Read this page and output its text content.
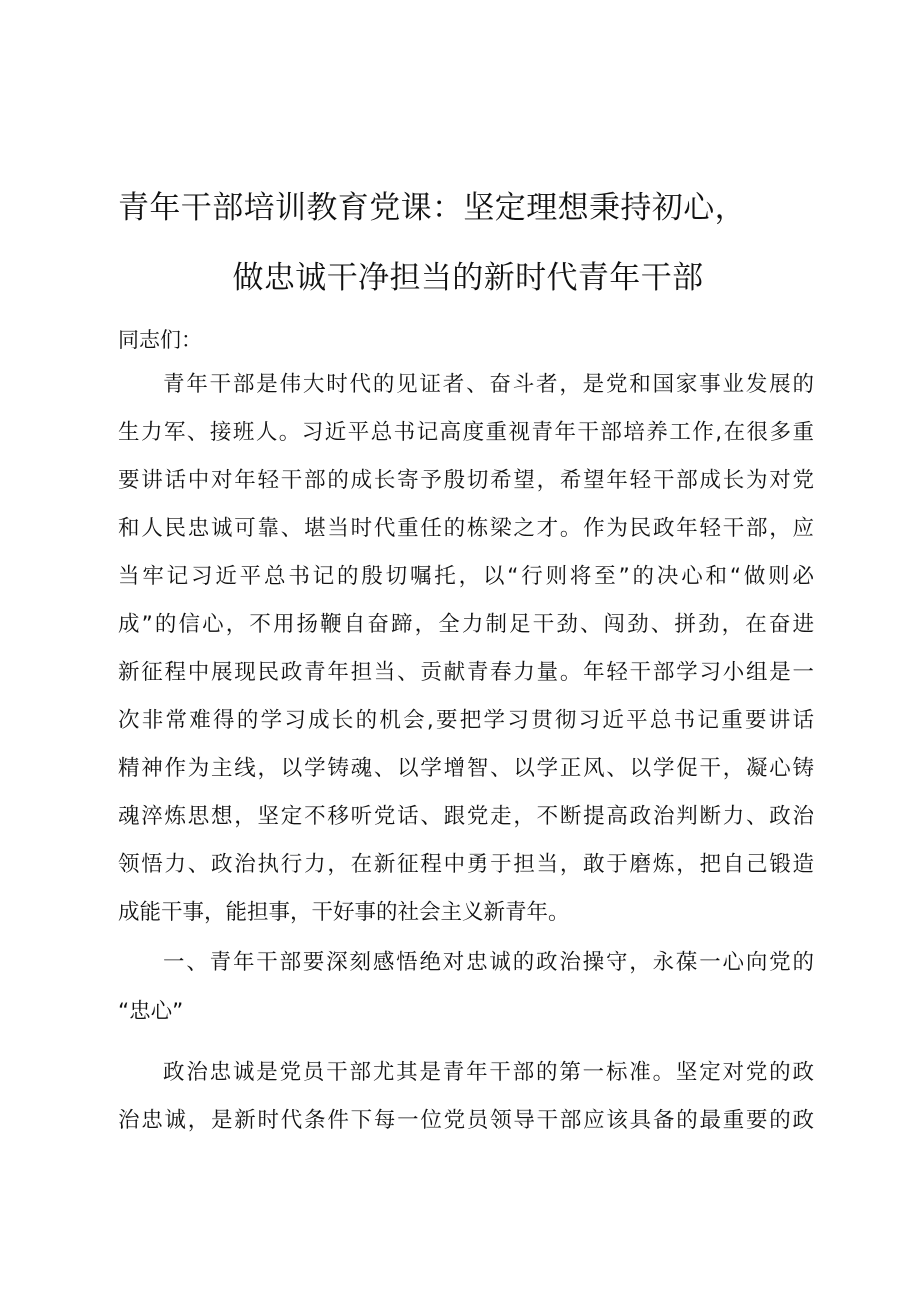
青年干部培训教育党课：坚定理想秉持初心，
做忠诚干净担当的新时代青年干部
同志们：
青年干部是伟大时代的见证者、奋斗者，是党和国家事业发展的
生力军、接班人。习近平总书记高度重视青年干部培养工作,在很多重
要讲话中对年轻干部的成长寄予殷切希望，希望年轻干部成长为对党
和人民忠诚可靠、堪当时代重任的栋梁之才。作为民政年轻干部，应
当牢记习近平总书记的殷切嘱托，以“行则将至”的决心和“做则必
成”的信心，不用扬鞭自奋蹄，全力制足干劲、闯劲、拼劲，在奋进
新征程中展现民政青年担当、贡献青春力量。年轻干部学习小组是一
次非常难得的学习成长的机会,要把学习贯彻习近平总书记重要讲话
精神作为主线，以学铸魂、以学增智、以学正风、以学促干，凝心铸
魂淬炼思想，坚定不移听党话、跟党走，不断提高政治判断力、政治
领悟力、政治执行力，在新征程中勇于担当，敢于磨炼，把自己锻造
成能干事，能担事，干好事的社会主义新青年。
一、青年干部要深刻感悟绝对忠诚的政治操守，永葆一心向党的
“忠心”
政治忠诚是党员干部尤其是青年干部的第一标准。坚定对党的政
治忠诚，是新时代条件下每一位党员领导干部应该具备的最重要的政
